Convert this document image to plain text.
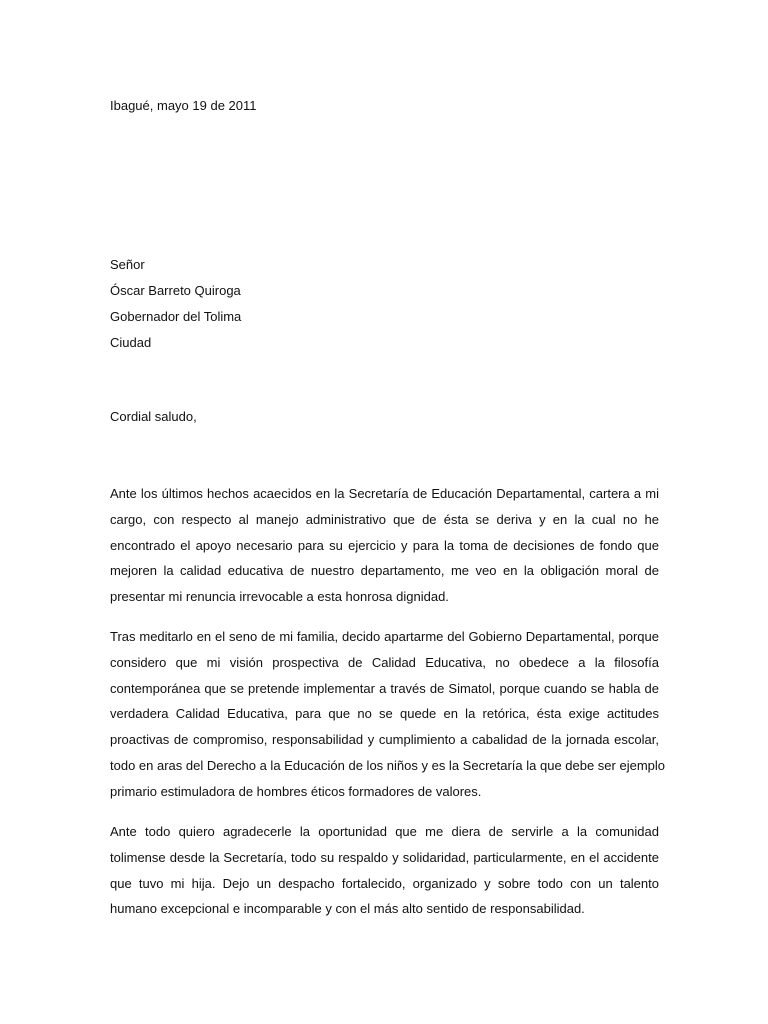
Ibagué, mayo 19 de 2011
Señor
Óscar Barreto Quiroga
Gobernador del Tolima
Ciudad
Cordial saludo,
Ante los últimos hechos acaecidos en la Secretaría de Educación Departamental, cartera a mi
cargo, con respecto al manejo administrativo que de ésta se deriva y en la cual no he
encontrado el apoyo necesario para su ejercicio y para la toma de decisiones de fondo que
mejoren la calidad educativa de nuestro departamento, me veo en la obligación moral de
presentar mi renuncia irrevocable a esta honrosa dignidad.
Tras meditarlo en el seno de mi familia, decido apartarme del Gobierno Departamental, porque
considero que mi visión prospectiva de Calidad Educativa, no obedece a la filosofía
contemporánea que se pretende implementar a través de Simatol, porque cuando se habla de
verdadera Calidad Educativa, para que no se quede en la retórica, ésta exige actitudes
proactivas de compromiso, responsabilidad y cumplimiento a cabalidad de la jornada escolar,
todo en aras del Derecho a la Educación de los niños y es la Secretaría la que debe ser ejemplo
primario estimuladora de hombres éticos formadores de valores.
Ante todo quiero agradecerle la oportunidad que me diera de servirle a la comunidad
tolimense desde la Secretaría, todo su respaldo y solidaridad, particularmente, en el accidente
que tuvo mi hija. Dejo un despacho fortalecido, organizado y sobre todo con un talento
humano excepcional e incomparable y con el más alto sentido de responsabilidad.
